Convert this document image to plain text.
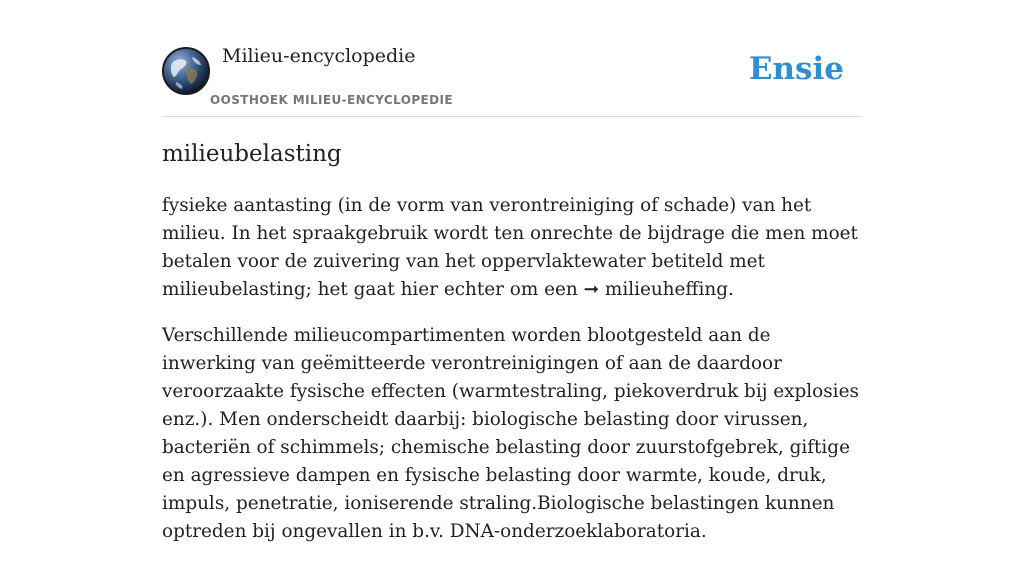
Milieu-encyclopedie
OOSTHOEK MILIEU-ENCYCLOPEDIE
Ensie
milieubelasting

fysieke aantasting (in de vorm van verontreiniging of schade) van het milieu. In het spraakgebruik wordt ten onrechte de bijdrage die men moet betalen voor de zuivering van het oppervlaktewater betiteld met milieubelasting; het gaat hier echter om een ➞ milieuheffing.

Verschillende milieucompartimenten worden blootgesteld aan de inwerking van geëmitteerde verontreinigingen of aan de daardoor veroorzaakte fysische effecten (warmtestraling, piekoverdruk bij explosies enz.). Men onderscheidt daarbij: biologische belasting door virussen, bacteriën of schimmels; chemische belasting door zuurstofgebrek, giftige en agressieve dampen en fysische belasting door warmte, koude, druk, impuls, penetratie, ioniserende straling.Biologische belastingen kunnen optreden bij ongevallen in b.v. DNA-onderzoeklaboratoria.
